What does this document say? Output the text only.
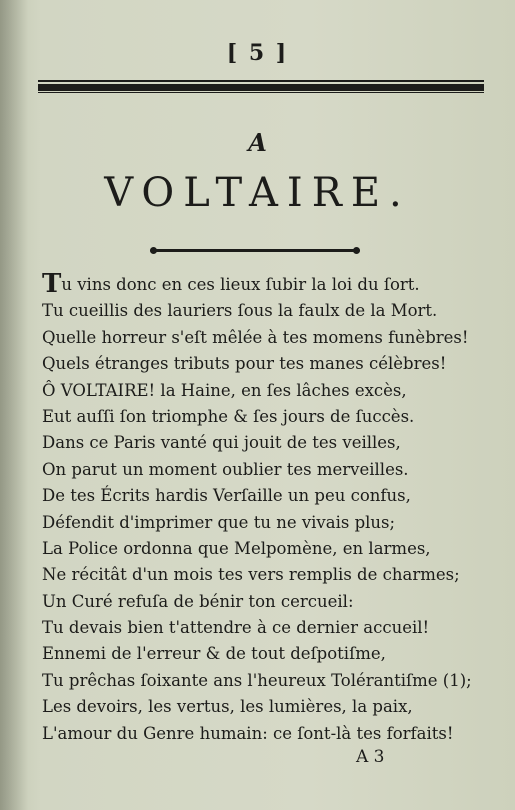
[ 5 ]
A
VOLTAIRE.
Tu vins donc en ces lieux ſubir la loi du ſort.
Tu cueillis des lauriers ſous la faulx de la Mort.
Quelle horreur s'eſt mêlée à tes momens funèbres!
Quels étranges tributs pour tes manes célèbres!
Ô VOLTAIRE! la Haine, en ſes lâches excès,
Eut auſſi ſon triomphe & ſes jours de ſuccès.
Dans ce Paris vanté qui jouit de tes veilles,
On parut un moment oublier tes merveilles.
De tes Écrits hardis Verſaille un peu confus,
Défendit d'imprimer que tu ne vivais plus;
La Police ordonna que Melpomène, en larmes,
Ne récitât d'un mois tes vers remplis de charmes;
Un Curé refuſa de bénir ton cercueil:
Tu devais bien t'attendre à ce dernier accueil!
Ennemi de l'erreur & de tout deſpotiſme,
Tu prêchas ſoixante ans l'heureux Tolérantiſme (1);
Les devoirs, les vertus, les lumières, la paix,
L'amour du Genre humain: ce ſont-là tes forfaits!
A 3
